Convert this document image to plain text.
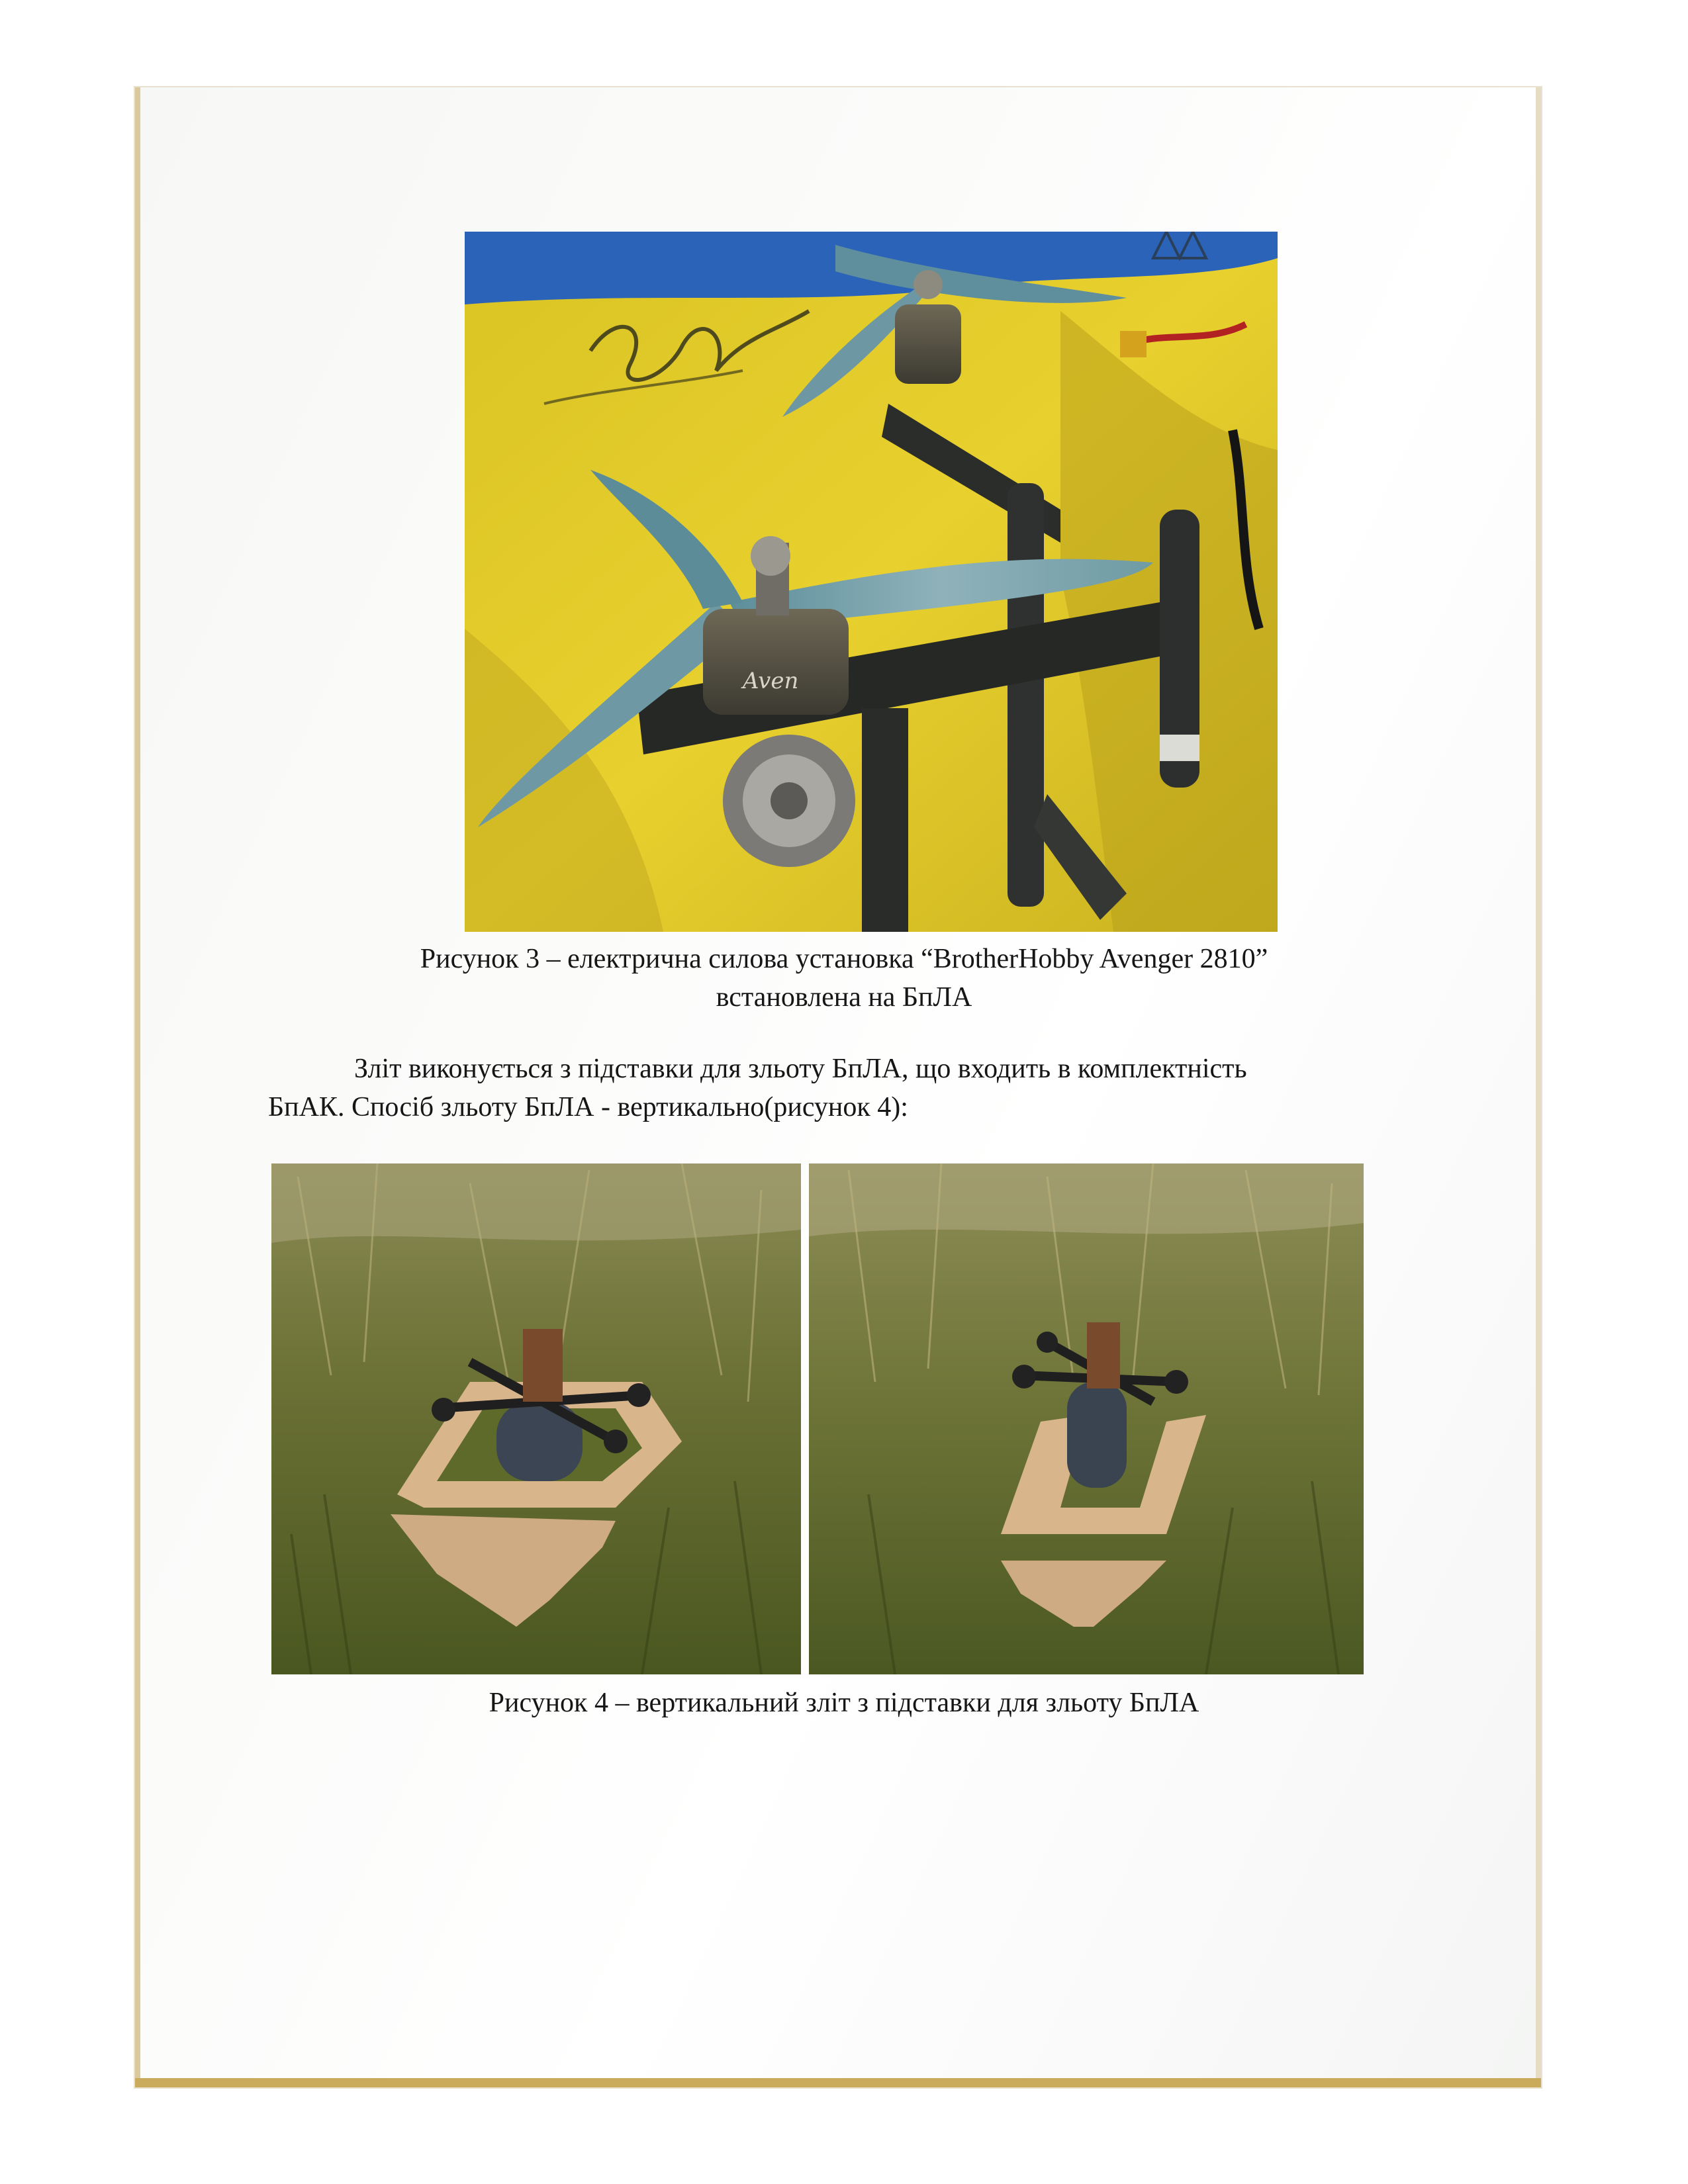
Aven
Рисунок 3 – електрична силова установка “BrotherHobby Avenger 2810”
встановлена на БпЛА
Зліт виконується з підставки для зльоту БпЛА, що входить в комплектність
БпАК. Спосіб зльоту БпЛА - вертикально(рисунок 4):
Рисунок 4 – вертикальний зліт з підставки для зльоту БпЛА
